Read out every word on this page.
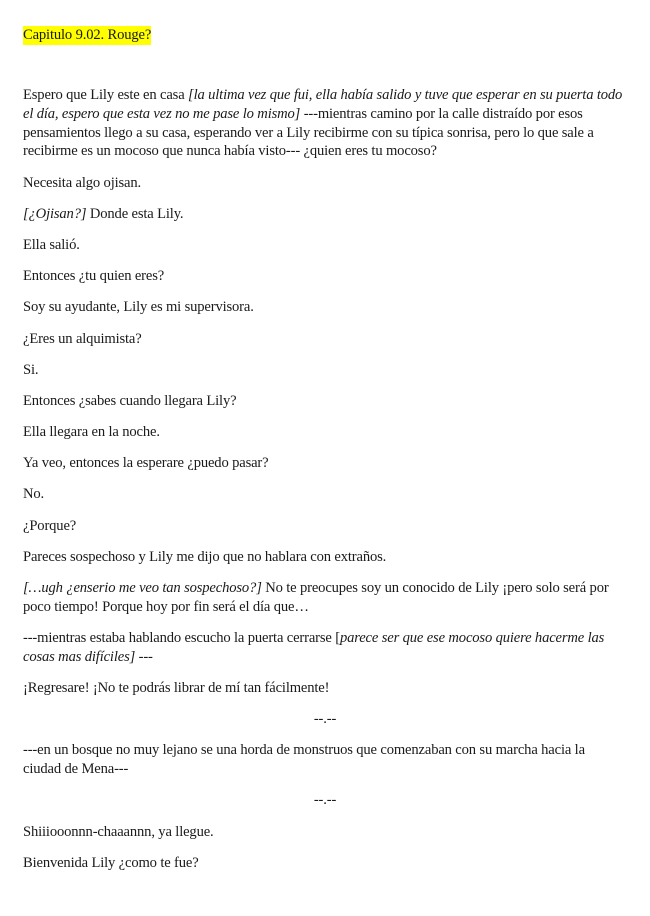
Capitulo 9.02. Rouge?
Espero que Lily este en casa [la ultima vez que fui, ella había salido y tuve que esperar en su puerta todo el día, espero que esta vez no me pase lo mismo] ---mientras camino por la calle distraído por esos pensamientos llego a su casa, esperando ver a Lily recibirme con su típica sonrisa, pero lo que sale a recibirme es un mocoso que nunca había visto--- ¿quien eres tu mocoso?
Necesita algo ojisan.
[¿Ojisan?] Donde esta Lily.
Ella salió.
Entonces ¿tu quien eres?
Soy su ayudante, Lily es mi supervisora.
¿Eres un alquimista?
Si.
Entonces ¿sabes cuando llegara Lily?
Ella llegara en la noche.
Ya veo, entonces la esperare ¿puedo pasar?
No.
¿Porque?
Pareces sospechoso y Lily me dijo que no hablara con extraños.
[…ugh ¿enserio me veo tan sospechoso?] No te preocupes soy un conocido de Lily ¡pero solo será por poco tiempo! Porque hoy por fin será el día que…
---mientras estaba hablando escucho la puerta cerrarse [parece ser que ese mocoso quiere hacerme las cosas mas difíciles] ---
¡Regresare! ¡No te podrás librar de mí tan fácilmente!
--.--
---en un bosque no muy lejano se una horda de monstruos que comenzaban con su marcha hacia la ciudad de Mena---
--.--
Shiiiooonnn-chaaannn, ya llegue.
Bienvenida Lily ¿como te fue?
